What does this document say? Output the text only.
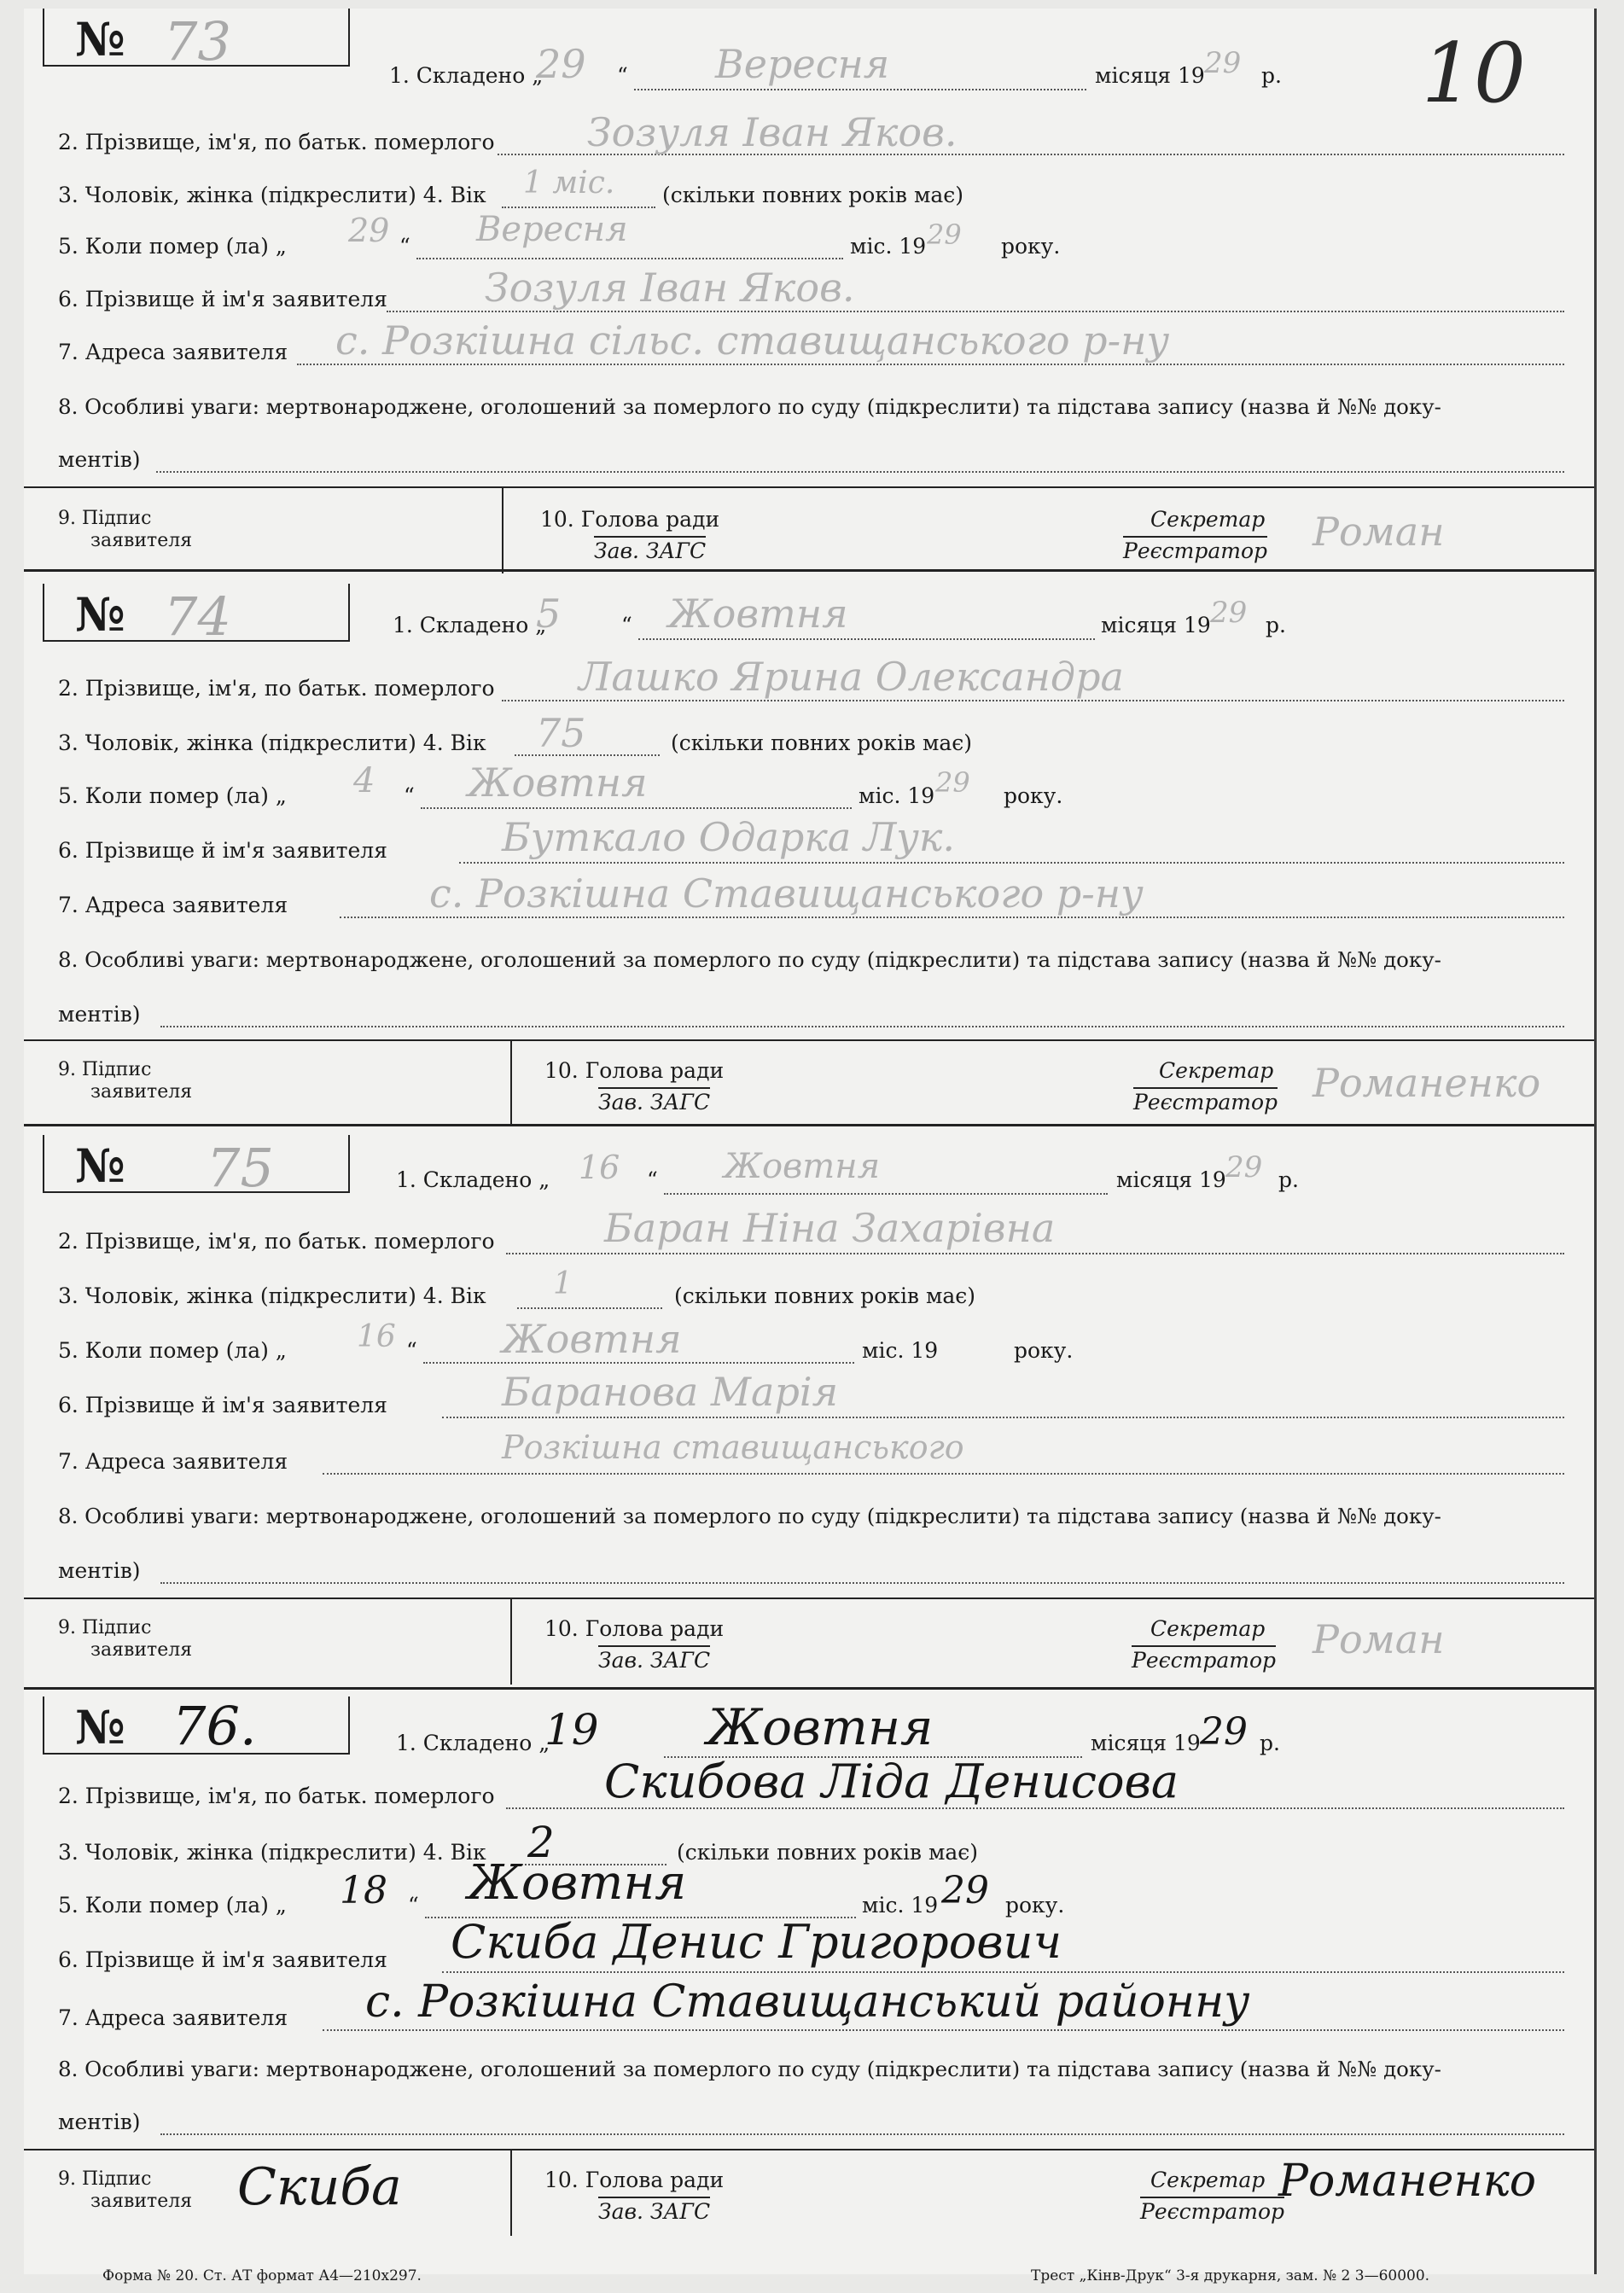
10
№ 73
1. Складено „
29 “ Вересня	місяця 19 29 р.
2. Прізвище, ім'я, по батьк. померлого Зозуля Іван Яков.
3. Чоловік, жінка (підкреслити) 4. Вік 1 міс. (скільки повних років має)
5. Коли помер (ла) „ 29 “ Вересня	міс. 19 29 року.
6. Прізвище й ім'я заявителя Зозуля Іван Яков.
7. Адреса заявителя с. Розкішна сільс. ставищанського р-ну
8. Особливі уваги: мертвонароджене, оголошений за померлого по суду (підкреслити) та підстава запису (назва й №№ доку-
ментів)
9. Підпис
заявителя
10. Голова ради
Зав. ЗАГС
Секретар
Реєстратор Роман
№ 74	1. Складено „
5	“ Жовтня	місяця 19 29 р.
2. Прізвище, ім'я, по батьк. померлого Лашко Ярина Олександра
3. Чоловік, жінка (підкреслити) 4. Вік 75	(скільки повних років має)
5. Коли помер (ла) „ 4 “ Жовтня	міс. 19 29 року.
6. Прізвище й ім'я заявителя	Буткало Одарка Лук.
7. Адреса заявителя	с. Розкішна Ставищанського р-ну
8. Особливі уваги: мертвонароджене, оголошений за померлого по суду (підкреслити) та підстава запису (назва й №№ доку-
ментів)
9. Підпис
заявителя
10. Голова ради
Зав. ЗАГС
Секретар
Реєстратор Романенко
№ 75	1. Складено „ 16 “ Жовтня	місяця 19 29 р.
2. Прізвище, ім'я, по батьк. померлого	Баран Ніна Захарівна
3. Чоловік, жінка (підкреслити) 4. Вік 1	(скільки повних років має)
5. Коли помер (ла) „ 16 “ Жовтня	міс. 19	року.
6. Прізвище й ім'я заявителя	Баранова Марія
7. Адреса заявителя	Розкішна ставищанського
8. Особливі уваги: мертвонароджене, оголошений за померлого по суду (підкреслити) та підстава запису (назва й №№ доку-
ментів)
9. Підпис
заявителя
10. Голова ради
Зав. ЗАГС
Секретар
Реєстратор Роман
№ 76.	1. Складено „
19 Жовтня	місяця 19 29 р.
2. Прізвище, ім'я, по батьк. померлого Скибова Ліда Денисова
3. Чоловік, жінка (підкреслити) 4. Вік 2	(скільки повних років має)
5. Коли помер (ла) „ 18 “ Жовтня	міс. 19 29 року.
6. Прізвище й ім'я заявителя Скиба Денис Григорович
7. Адреса заявителя с. Розкішна Ставищанський районну
8. Особливі уваги: мертвонароджене, оголошений за померлого по суду (підкреслити) та підстава запису (назва й №№ доку-
ментів)
9. Підпис
заявителя Скиба	10. Голова ради
Зав. ЗАГС
Секретар
Реєстратор
Романенко
Форма № 20. Ст. АТ формат А4—210х297.	Трест „Кінв-Друк“ 3-я друкарня, зам. № 2 3—60000.
